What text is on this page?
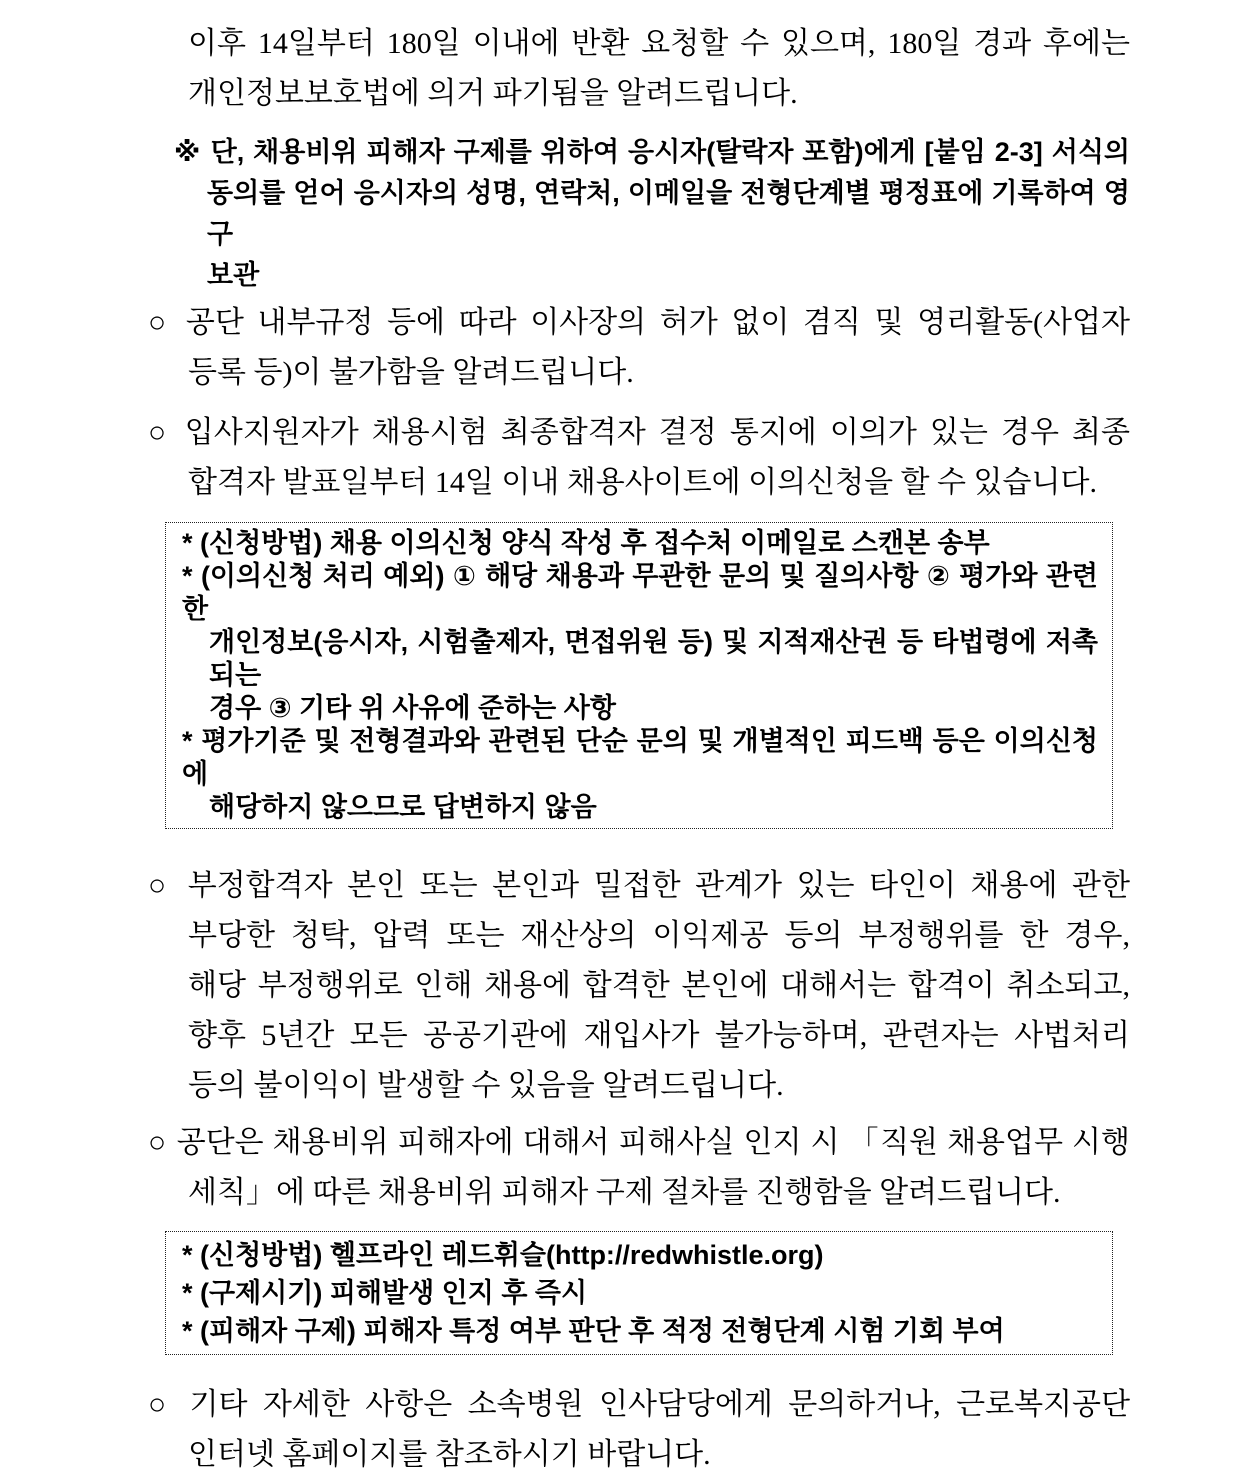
이후 14일부터 180일 이내에 반환 요청할 수 있으며, 180일 경과 후에는
개인정보보호법에 의거 파기됨을 알려드립니다.
※ 단, 채용비위 피해자 구제를 위하여 응시자(탈락자 포함)에게 [붙임 2-3] 서식의
동의를 얻어 응시자의 성명, 연락처, 이메일을 전형단계별 평정표에 기록하여 영구
보관
○ 공단 내부규정 등에 따라 이사장의 허가 없이 겸직 및 영리활동(사업자
등록 등)이 불가함을 알려드립니다.
○ 입사지원자가 채용시험 최종합격자 결정 통지에 이의가 있는 경우 최종
합격자 발표일부터 14일 이내 채용사이트에 이의신청을 할 수 있습니다.
* (신청방법) 채용 이의신청 양식 작성 후 접수처 이메일로 스캔본 송부
* (이의신청 처리 예외) ① 해당 채용과 무관한 문의 및 질의사항 ② 평가와 관련한
개인정보(응시자, 시험출제자, 면접위원 등) 및 지적재산권 등 타법령에 저촉되는
경우 ③ 기타 위 사유에 준하는 사항
* 평가기준 및 전형결과와 관련된 단순 문의 및 개별적인 피드백 등은 이의신청에
해당하지 않으므로 답변하지 않음
○ 부정합격자 본인 또는 본인과 밀접한 관계가 있는 타인이 채용에 관한
부당한 청탁, 압력 또는 재산상의 이익제공 등의 부정행위를 한 경우,
해당 부정행위로 인해 채용에 합격한 본인에 대해서는 합격이 취소되고,
향후 5년간 모든 공공기관에 재입사가 불가능하며, 관련자는 사법처리
등의 불이익이 발생할 수 있음을 알려드립니다.
○ 공단은 채용비위 피해자에 대해서 피해사실 인지 시 「직원 채용업무 시행
세칙」에 따른 채용비위 피해자 구제 절차를 진행함을 알려드립니다.
* (신청방법) 헬프라인 레드휘슬(http://redwhistle.org)
* (구제시기) 피해발생 인지 후 즉시
* (피해자 구제) 피해자 특정 여부 판단 후 적정 전형단계 시험 기회 부여
○ 기타 자세한 사항은 소속병원 인사담당에게 문의하거나, 근로복지공단
인터넷 홈페이지를 참조하시기 바랍니다.
